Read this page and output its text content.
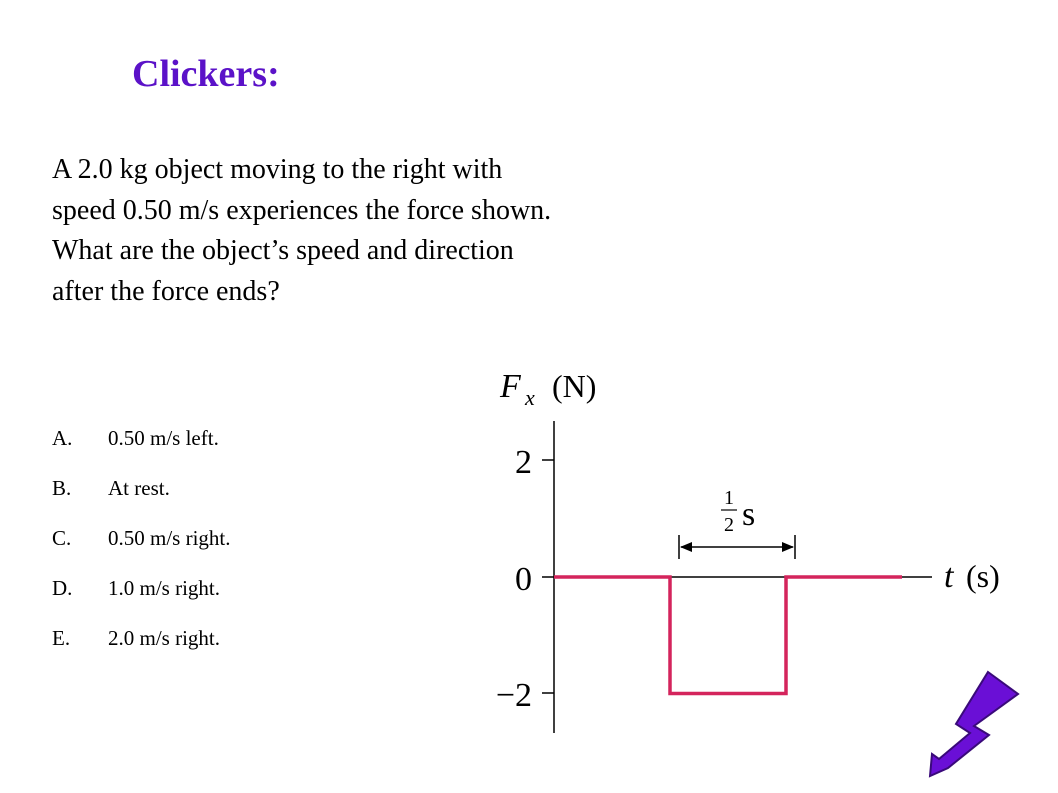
Clickers:
A 2.0 kg object moving to the right with speed 0.50 m/s experiences the force shown. What are the object’s speed and direction after the force ends?
A. 0.50 m/s left.
B. At rest.
C. 0.50 m/s right.
D. 1.0 m/s right.
E. 2.0 m/s right.
F x (N)
2
0
−2
t (s)
1
2 s
